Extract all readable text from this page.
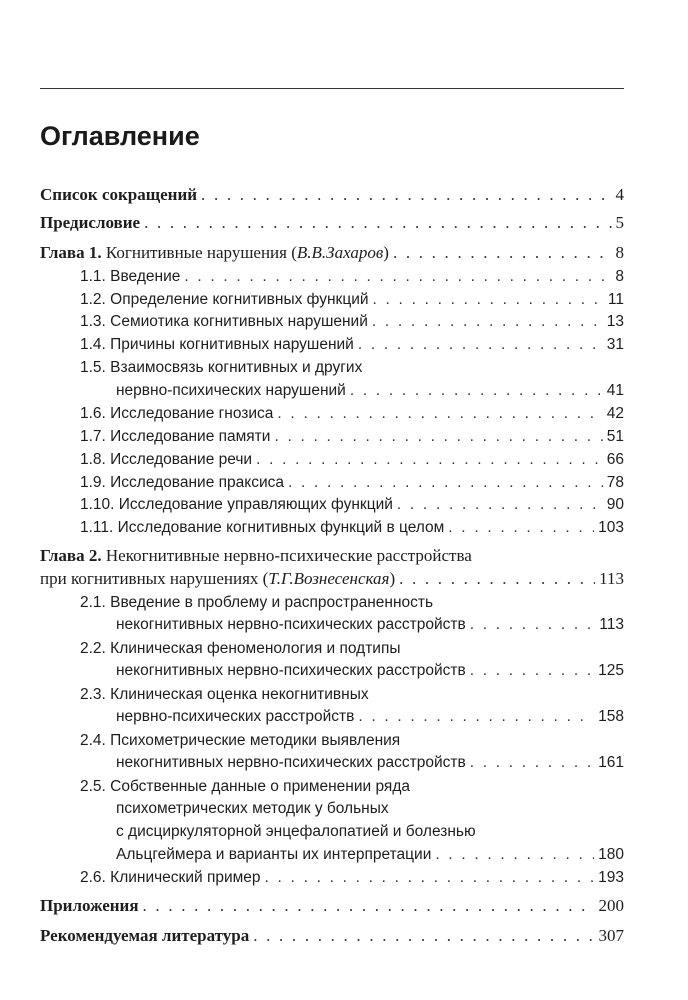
Оглавление
Список сокращений . . .	4
Предисловие . . .	5
Глава 1. Когнитивные нарушения (В.В.Захаров) . . .	8
1.1. Введение . . .	8
1.2. Определение когнитивных функций . . .	11
1.3. Семиотика когнитивных нарушений . . .	13
1.4. Причины когнитивных нарушений . . .	31
1.5. Взаимосвязь когнитивных и других
нервно-психических нарушений . . .	41
1.6. Исследование гнозиса . . .	42
1.7. Исследование памяти . . .	51
1.8. Исследование речи . . .	66
1.9. Исследование праксиса . . .	78
1.10. Исследование управляющих функций . . .	90
1.11. Исследование когнитивных функций в целом . . .	103
Глава 2. Некогнитивные нервно-психические расстройства
при когнитивных нарушениях (Т.Г.Вознесенская) . . .	113
2.1. Введение в проблему и распространенность
некогнитивных нервно-психических расстройств . . .	113
2.2. Клиническая феноменология и подтипы
некогнитивных нервно-психических расстройств . . .	125
2.3. Клиническая оценка некогнитивных
нервно-психических расстройств . . .	158
2.4. Психометрические методики выявления
некогнитивных нервно-психических расстройств . . .	161
2.5. Собственные данные о применении ряда
психометрических методик у больных
с дисциркуляторной энцефалопатией и болезнью
Альцгеймера и варианты их интерпретации . . .	180
2.6. Клинический пример . . .	193
Приложения . . .	200
Рекомендуемая литература . . .	307
